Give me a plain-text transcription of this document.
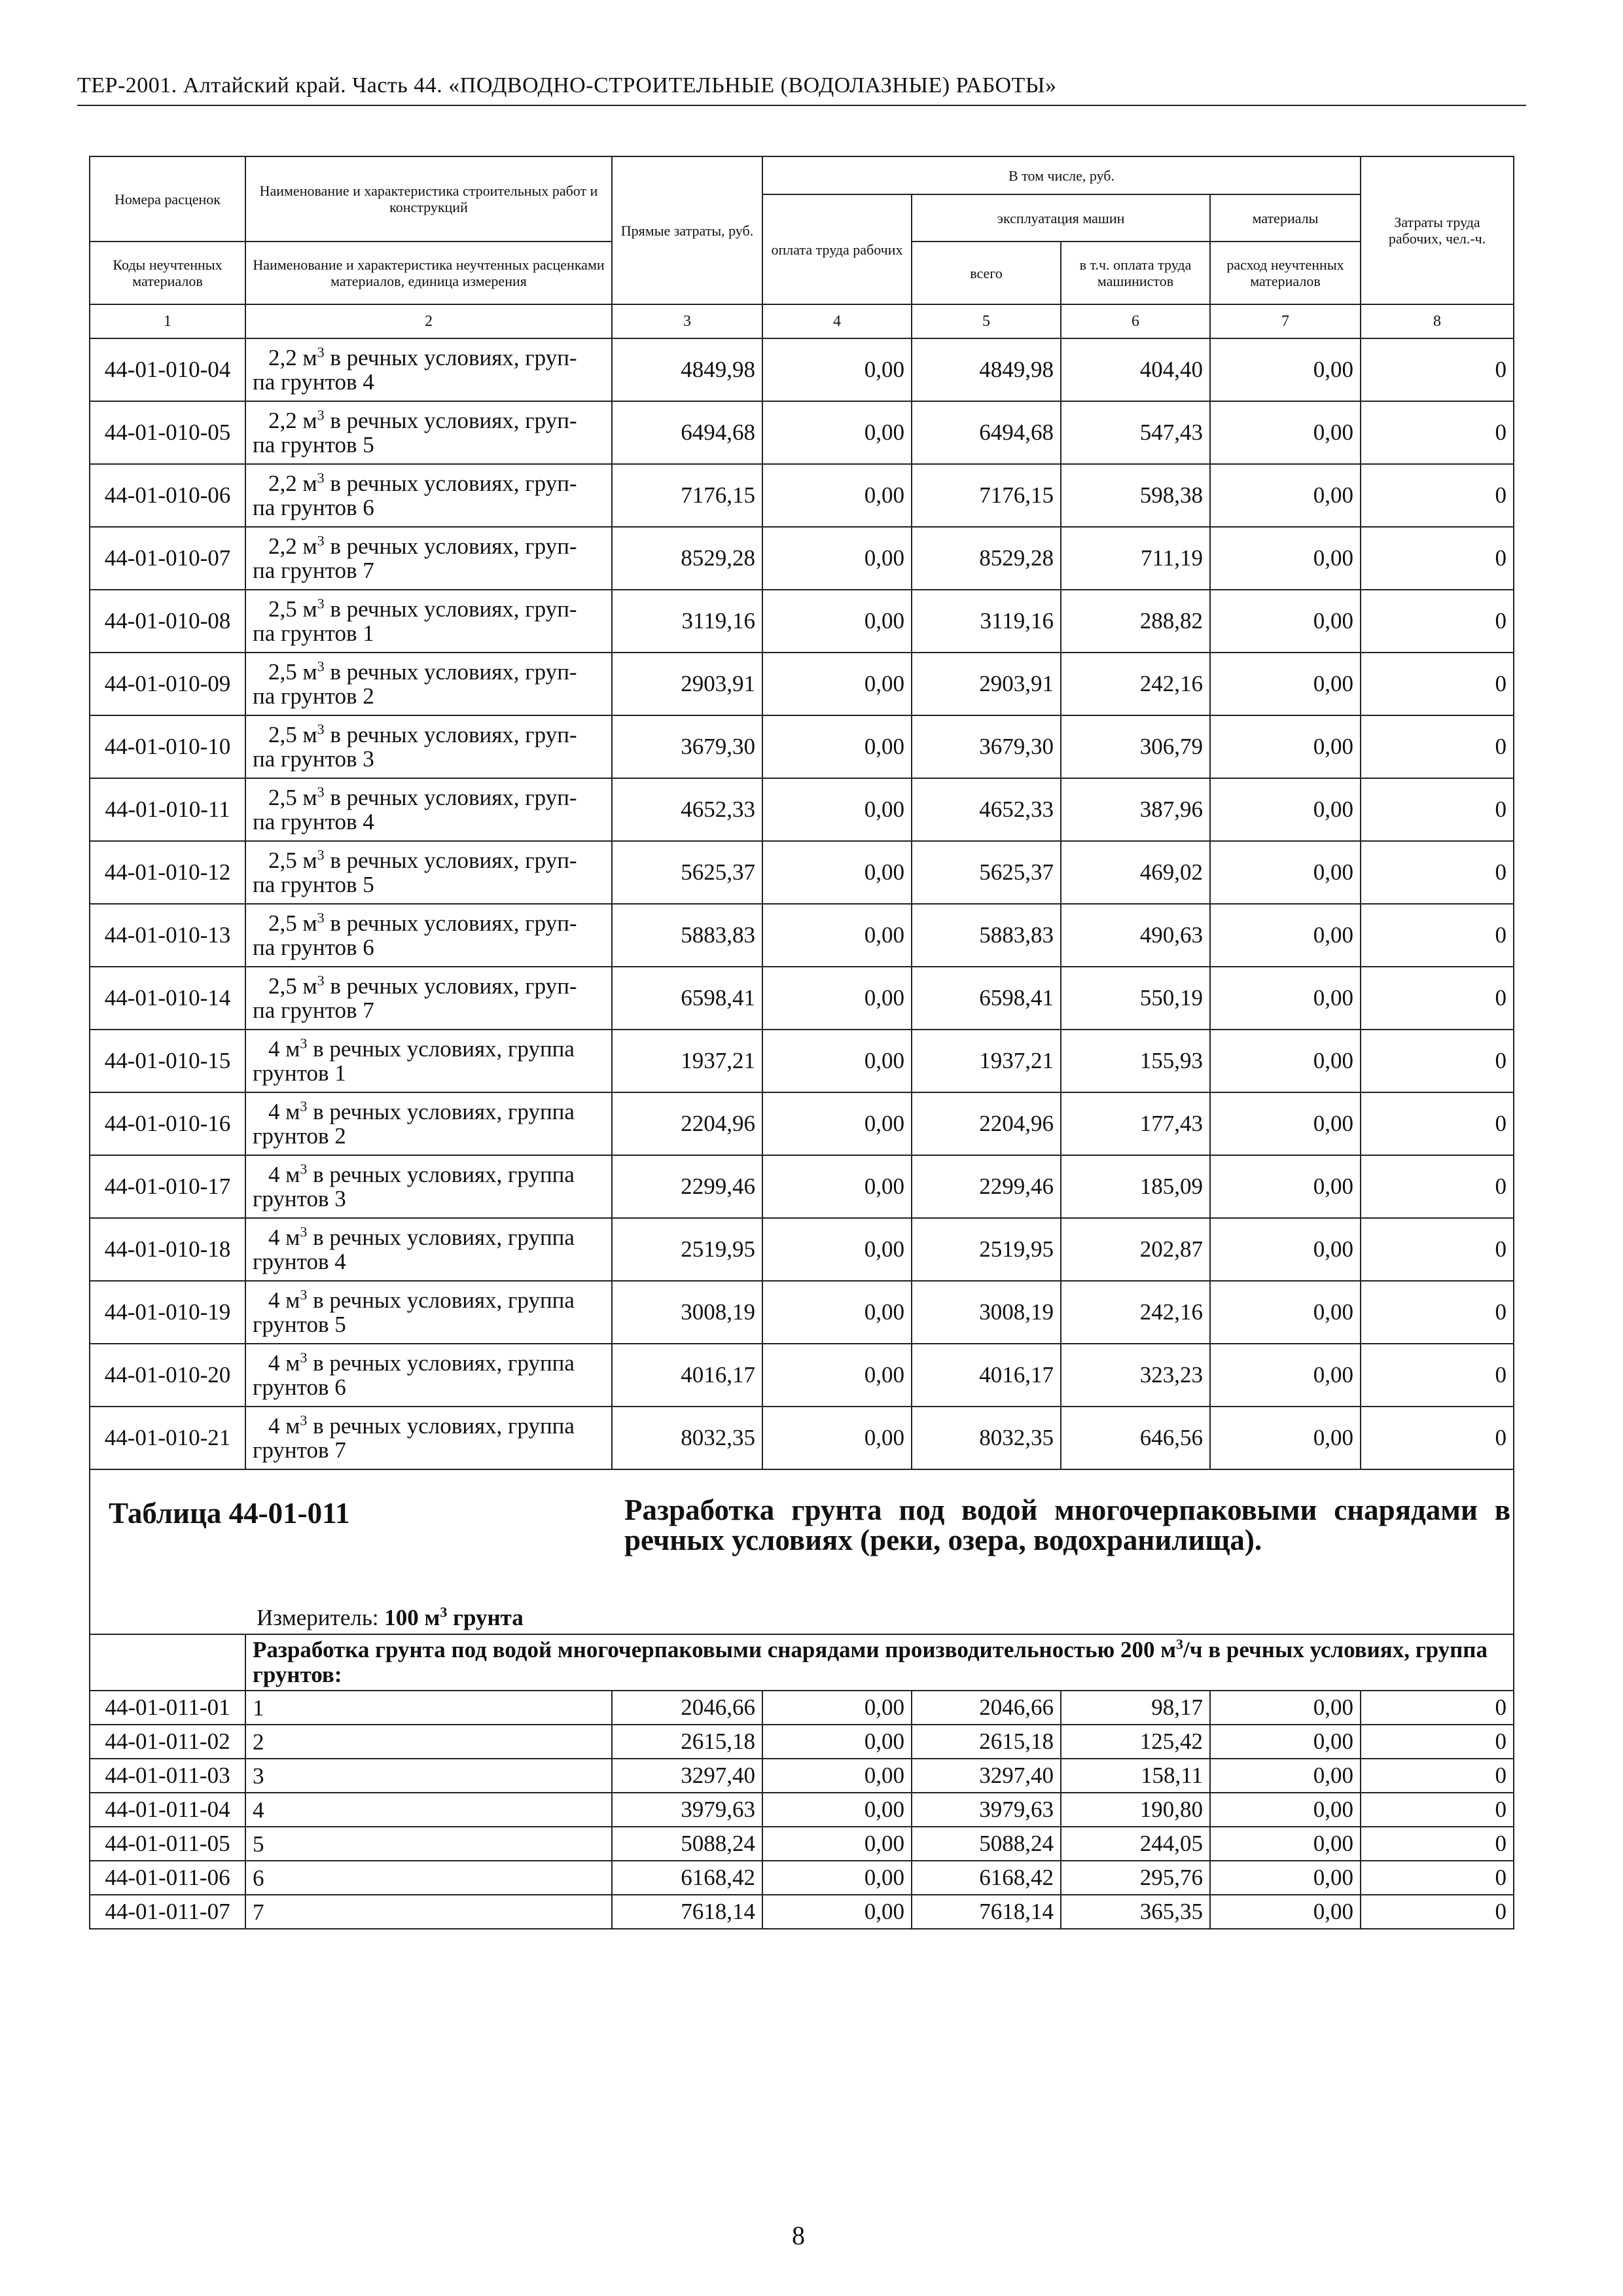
ТЕР-2001. Алтайский край. Часть 44. «ПОДВОДНО-СТРОИТЕЛЬНЫЕ (ВОДОЛАЗНЫЕ) РАБОТЫ»
Номера расценок	Наименование и характеристика строительных работ и конструкций	Прямые затраты, руб.	В том числе, руб.				Затраты труда рабочих, чел.-ч.
			оплата труда рабочих	эксплуатация машин		материалы	
Коды неучтенных материалов	Наименование и характеристика неучтенных расценками материалов, единица измерения			всего	в т.ч. оплата труда машинистов	расход неучтенных материалов	
1	2	3	4	5	6	7	8
44-01-010-04	2,2 $м^3$ в речных условиях, груп-
па грунтов 4	4849,98	0,00	4849,98	404,40	0,00	0
44-01-010-05	2,2 $м^3$ в речных условиях, груп-
па грунтов 5	6494,68	0,00	6494,68	547,43	0,00	0
44-01-010-06	2,2 $м^3$ в речных условиях, груп-
па грунтов 6	7176,15	0,00	7176,15	598,38	0,00	0
44-01-010-07	2,2 $м^3$ в речных условиях, груп-
па грунтов 7	8529,28	0,00	8529,28	711,19	0,00	0
44-01-010-08	2,5 $м^3$ в речных условиях, груп-
па грунтов 1	3119,16	0,00	3119,16	288,82	0,00	0
44-01-010-09	2,5 $м^3$ в речных условиях, груп-
па грунтов 2	2903,91	0,00	2903,91	242,16	0,00	0
44-01-010-10	2,5 $м^3$ в речных условиях, груп-
па грунтов 3	3679,30	0,00	3679,30	306,79	0,00	0
44-01-010-11	2,5 $м^3$ в речных условиях, груп-
па грунтов 4	4652,33	0,00	4652,33	387,96	0,00	0
44-01-010-12	2,5 $м^3$ в речных условиях, груп-
па грунтов 5	5625,37	0,00	5625,37	469,02	0,00	0
44-01-010-13	2,5 $м^3$ в речных условиях, груп-
па грунтов 6	5883,83	0,00	5883,83	490,63	0,00	0
44-01-010-14	2,5 $м^3$ в речных условиях, груп-
па грунтов 7	6598,41	0,00	6598,41	550,19	0,00	0
44-01-010-15	4 $м^3$ в речных условиях, группа
грунтов 1	1937,21	0,00	1937,21	155,93	0,00	0
44-01-010-16	4 $м^3$ в речных условиях, группа
грунтов 2	2204,96	0,00	2204,96	177,43	0,00	0
44-01-010-17	4 $м^3$ в речных условиях, группа
грунтов 3	2299,46	0,00	2299,46	185,09	0,00	0
44-01-010-18	4 $м^3$ в речных условиях, группа
грунтов 4	2519,95	0,00	2519,95	202,87	0,00	0
44-01-010-19	4 $м^3$ в речных условиях, группа
грунтов 5	3008,19	0,00	3008,19	242,16	0,00	0
44-01-010-20	4 $м^3$ в речных условиях, группа
грунтов 6	4016,17	0,00	4016,17	323,23	0,00	0
44-01-010-21	4 $м^3$ в речных условиях, группа
грунтов 7	8032,35	0,00	8032,35	646,56	0,00	0

Таблица 44-01-011 Разработка грунта под водой многочерпаковыми снарядами в речных условиях (реки, озера, водохранилища).
Измеритель: 100 $м^3$ грунта							

	Разработка грунта под водой многочерпаковыми снарядами производительностью 200 $м^3/ч$ в речных условиях, группа грунтов:						
44-01-011-01	1	2046,66	0,00	2046,66	98,17	0,00	0
44-01-011-02	2	2615,18	0,00	2615,18	125,42	0,00	0
44-01-011-03	3	3297,40	0,00	3297,40	158,11	0,00	0
44-01-011-04	4	3979,63	0,00	3979,63	190,80	0,00	0
44-01-011-05	5	5088,24	0,00	5088,24	244,05	0,00	0
44-01-011-06	6	6168,42	0,00	6168,42	295,76	0,00	0
44-01-011-07	7	7618,14	0,00	7618,14	365,35	0,00	0
8
